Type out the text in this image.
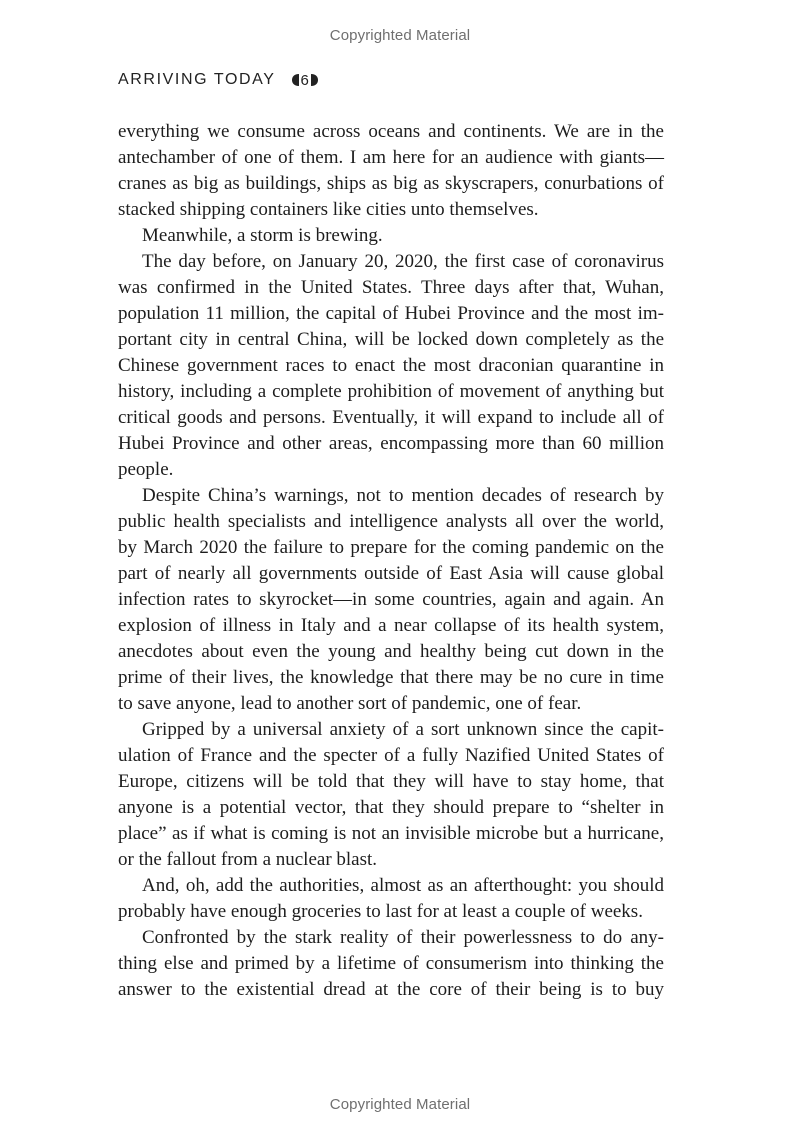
Copyrighted Material
ARRIVING TODAY 6

everything we consume across oceans and continents. We are in the

antechamber of one of them. I am here for an audience with giants—

cranes as big as buildings, ships as big as skyscrapers, conurbations of

stacked shipping containers like cities unto themselves.

Meanwhile, a storm is brewing.

The day before, on January 20, 2020, the first case of coronavirus

was confirmed in the United States. Three days after that, Wuhan,

population 11 million, the capital of Hubei Province and the most im-

portant city in central China, will be locked down completely as the

Chinese government races to enact the most draconian quarantine in

history, including a complete prohibition of movement of anything but

critical goods and persons. Eventually, it will expand to include all of

Hubei Province and other areas, encompassing more than 60 million

people.

Despite China’s warnings, not to mention decades of research by

public health specialists and intelligence analysts all over the world,

by March 2020 the failure to prepare for the coming pandemic on the

part of nearly all governments outside of East Asia will cause global

infection rates to skyrocket—in some countries, again and again. An

explosion of illness in Italy and a near collapse of its health system,

anecdotes about even the young and healthy being cut down in the

prime of their lives, the knowledge that there may be no cure in time

to save anyone, lead to another sort of pandemic, one of fear.

Gripped by a universal anxiety of a sort unknown since the capit-

ulation of France and the specter of a fully Nazified United States of

Europe, citizens will be told that they will have to stay home, that

anyone is a potential vector, that they should prepare to “shelter in

place” as if what is coming is not an invisible microbe but a hurricane,

or the fallout from a nuclear blast.

And, oh, add the authorities, almost as an afterthought: you should

probably have enough groceries to last for at least a couple of weeks.

Confronted by the stark reality of their powerlessness to do any-

thing else and primed by a lifetime of consumerism into thinking the

answer to the existential dread at the core of their being is to buy

Copyrighted Material
